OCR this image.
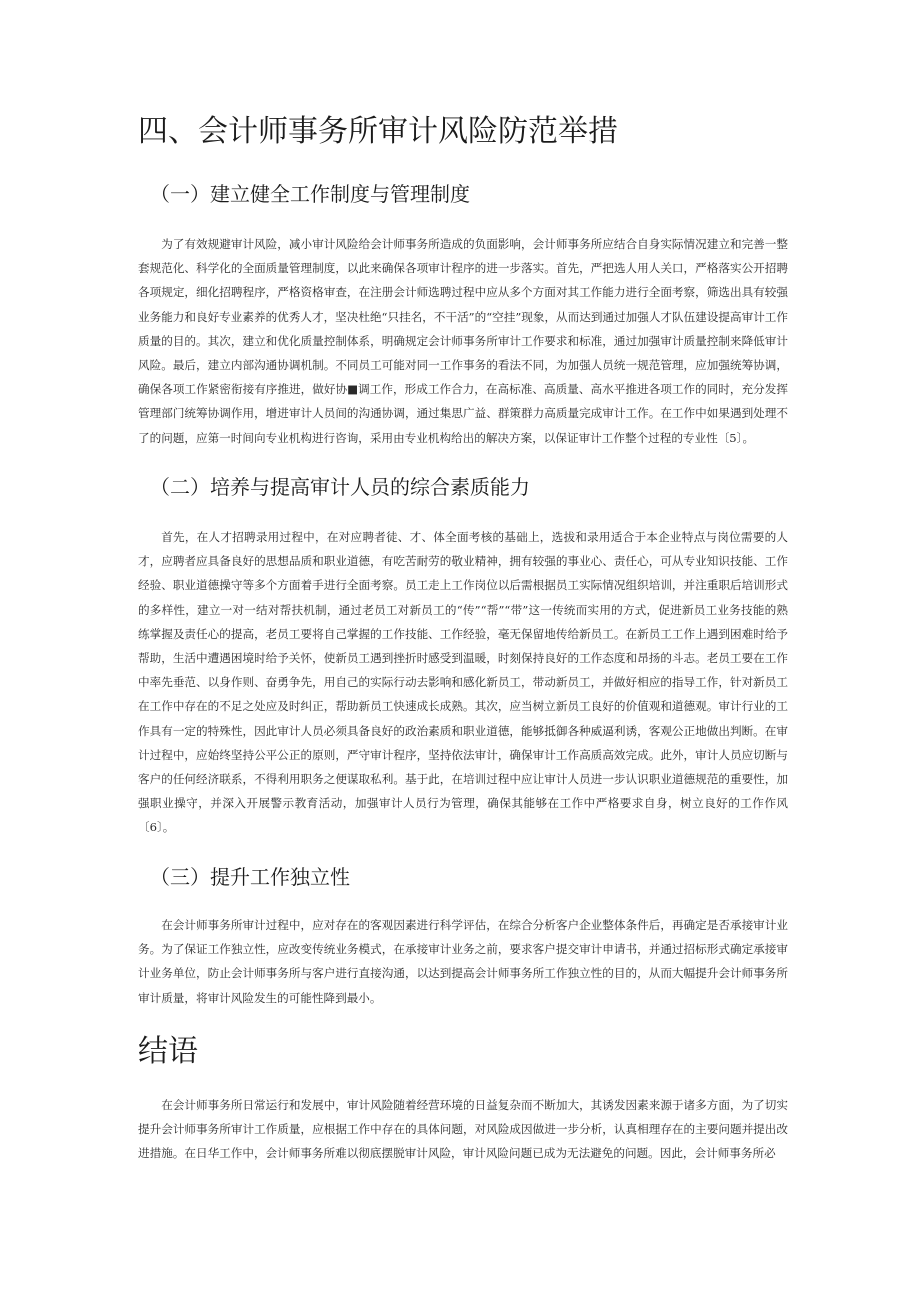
四、会计师事务所审计风险防范举措
（一）建立健全工作制度与管理制度

为了有效规避审计风险，减小审计风险给会计师事务所造成的负面影响，会计师事务所应结合自身实际情况建立和完善一整套规范化、科学化的全面质量管理制度，以此来确保各项审计程序的进一步落实。首先，严把选人用人关口，严格落实公开招聘各项规定，细化招聘程序，严格资格审查，在注册会计师选聘过程中应从多个方面对其工作能力进行全面考察，筛选出具有较强业务能力和良好专业素养的优秀人才，坚决杜绝“只挂名，不干活”的“空挂”现象，从而达到通过加强人才队伍建设提高审计工作质量的目的。其次，建立和优化质量控制体系，明确规定会计师事务所审计工作要求和标准，通过加强审计质量控制来降低审计风险。最后，建立内部沟通协调机制。不同员工可能对同一工作事务的看法不同，为加强人员统一规范管理，应加强统筹协调，确保各项工作紧密衔接有序推进，做好协■调工作，形成工作合力，在高标准、高质量、高水平推进各项工作的同时，充分发挥管理部门统筹协调作用，增进审计人员间的沟通协调，通过集思广益、群策群力高质量完成审计工作。在工作中如果遇到处理不了的问题，应第一时间向专业机构进行咨询，采用由专业机构给出的解决方案，以保证审计工作整个过程的专业性〔5〕。

（二）培养与提高审计人员的综合素质能力

首先，在人才招聘录用过程中，在对应聘者徒、才、体全面考核的基础上，选拔和录用适合于本企业特点与岗位需要的人才，应聘者应具备良好的思想品质和职业道德，有吃苦耐劳的敬业精神，拥有较强的事业心、责任心，可从专业知识技能、工作经验、职业道德操守等多个方面着手进行全面考察。员工走上工作岗位以后需根据员工实际情况组织培训，并注重职后培训形式的多样性，建立一对一结对帮扶机制，通过老员工对新员工的“传”“帮”“带”这一传统而实用的方式，促进新员工业务技能的熟练掌握及责任心的提高，老员工要将自己掌握的工作技能、工作经验，毫无保留地传给新员工。在新员工工作上遇到困难时给予帮助，生活中遭遇困境时给予关怀，使新员工遇到挫折时感受到温暖，时刻保持良好的工作态度和昂扬的斗志。老员工要在工作中率先垂范、以身作则、奋勇争先，用自己的实际行动去影响和感化新员工，带动新员工，并做好相应的指导工作，针对新员工在工作中存在的不足之处应及时纠正，帮助新员工快速成长成熟。其次，应当树立新员工良好的价值观和道德观。审计行业的工作具有一定的特殊性，因此审计人员必须具备良好的政治素质和职业道德，能够抵御各种威逼利诱，客观公正地做出判断。在审计过程中，应始终坚持公平公正的原则，严守审计程序，坚持依法审计，确保审计工作高质高效完成。此外，审计人员应切断与客户的任何经济联系，不得利用职务之便谋取私利。基于此，在培训过程中应让审计人员进一步认识职业道德规范的重要性，加强职业操守，并深入开展警示教育活动，加强审计人员行为管理，确保其能够在工作中严格要求自身，树立良好的工作作风〔6〕。

（三）提升工作独立性

在会计师事务所审计过程中，应对存在的客观因素进行科学评估，在综合分析客户企业整体条件后，再确定是否承接审计业务。为了保证工作独立性，应改变传统业务模式，在承接审计业务之前，要求客户提交审计申请书，并通过招标形式确定承接审计业务单位，防止会计师事务所与客户进行直接沟通，以达到提高会计师事务所工作独立性的目的，从而大幅提升会计师事务所审计质量，将审计风险发生的可能性降到最小。

结语

在会计师事务所日常运行和发展中，审计风险随着经营环境的日益复杂而不断加大，其诱发因素来源于诸多方面，为了切实提升会计师事务所审计工作质量，应根据工作中存在的具体问题，对风险成因做进一步分析，认真相理存在的主要问题并提出改进措施。在日华工作中，会计师事务所难以彻底摆脱审计风险，审计风险问题已成为无法避免的问题。因此，会计师事务所必
